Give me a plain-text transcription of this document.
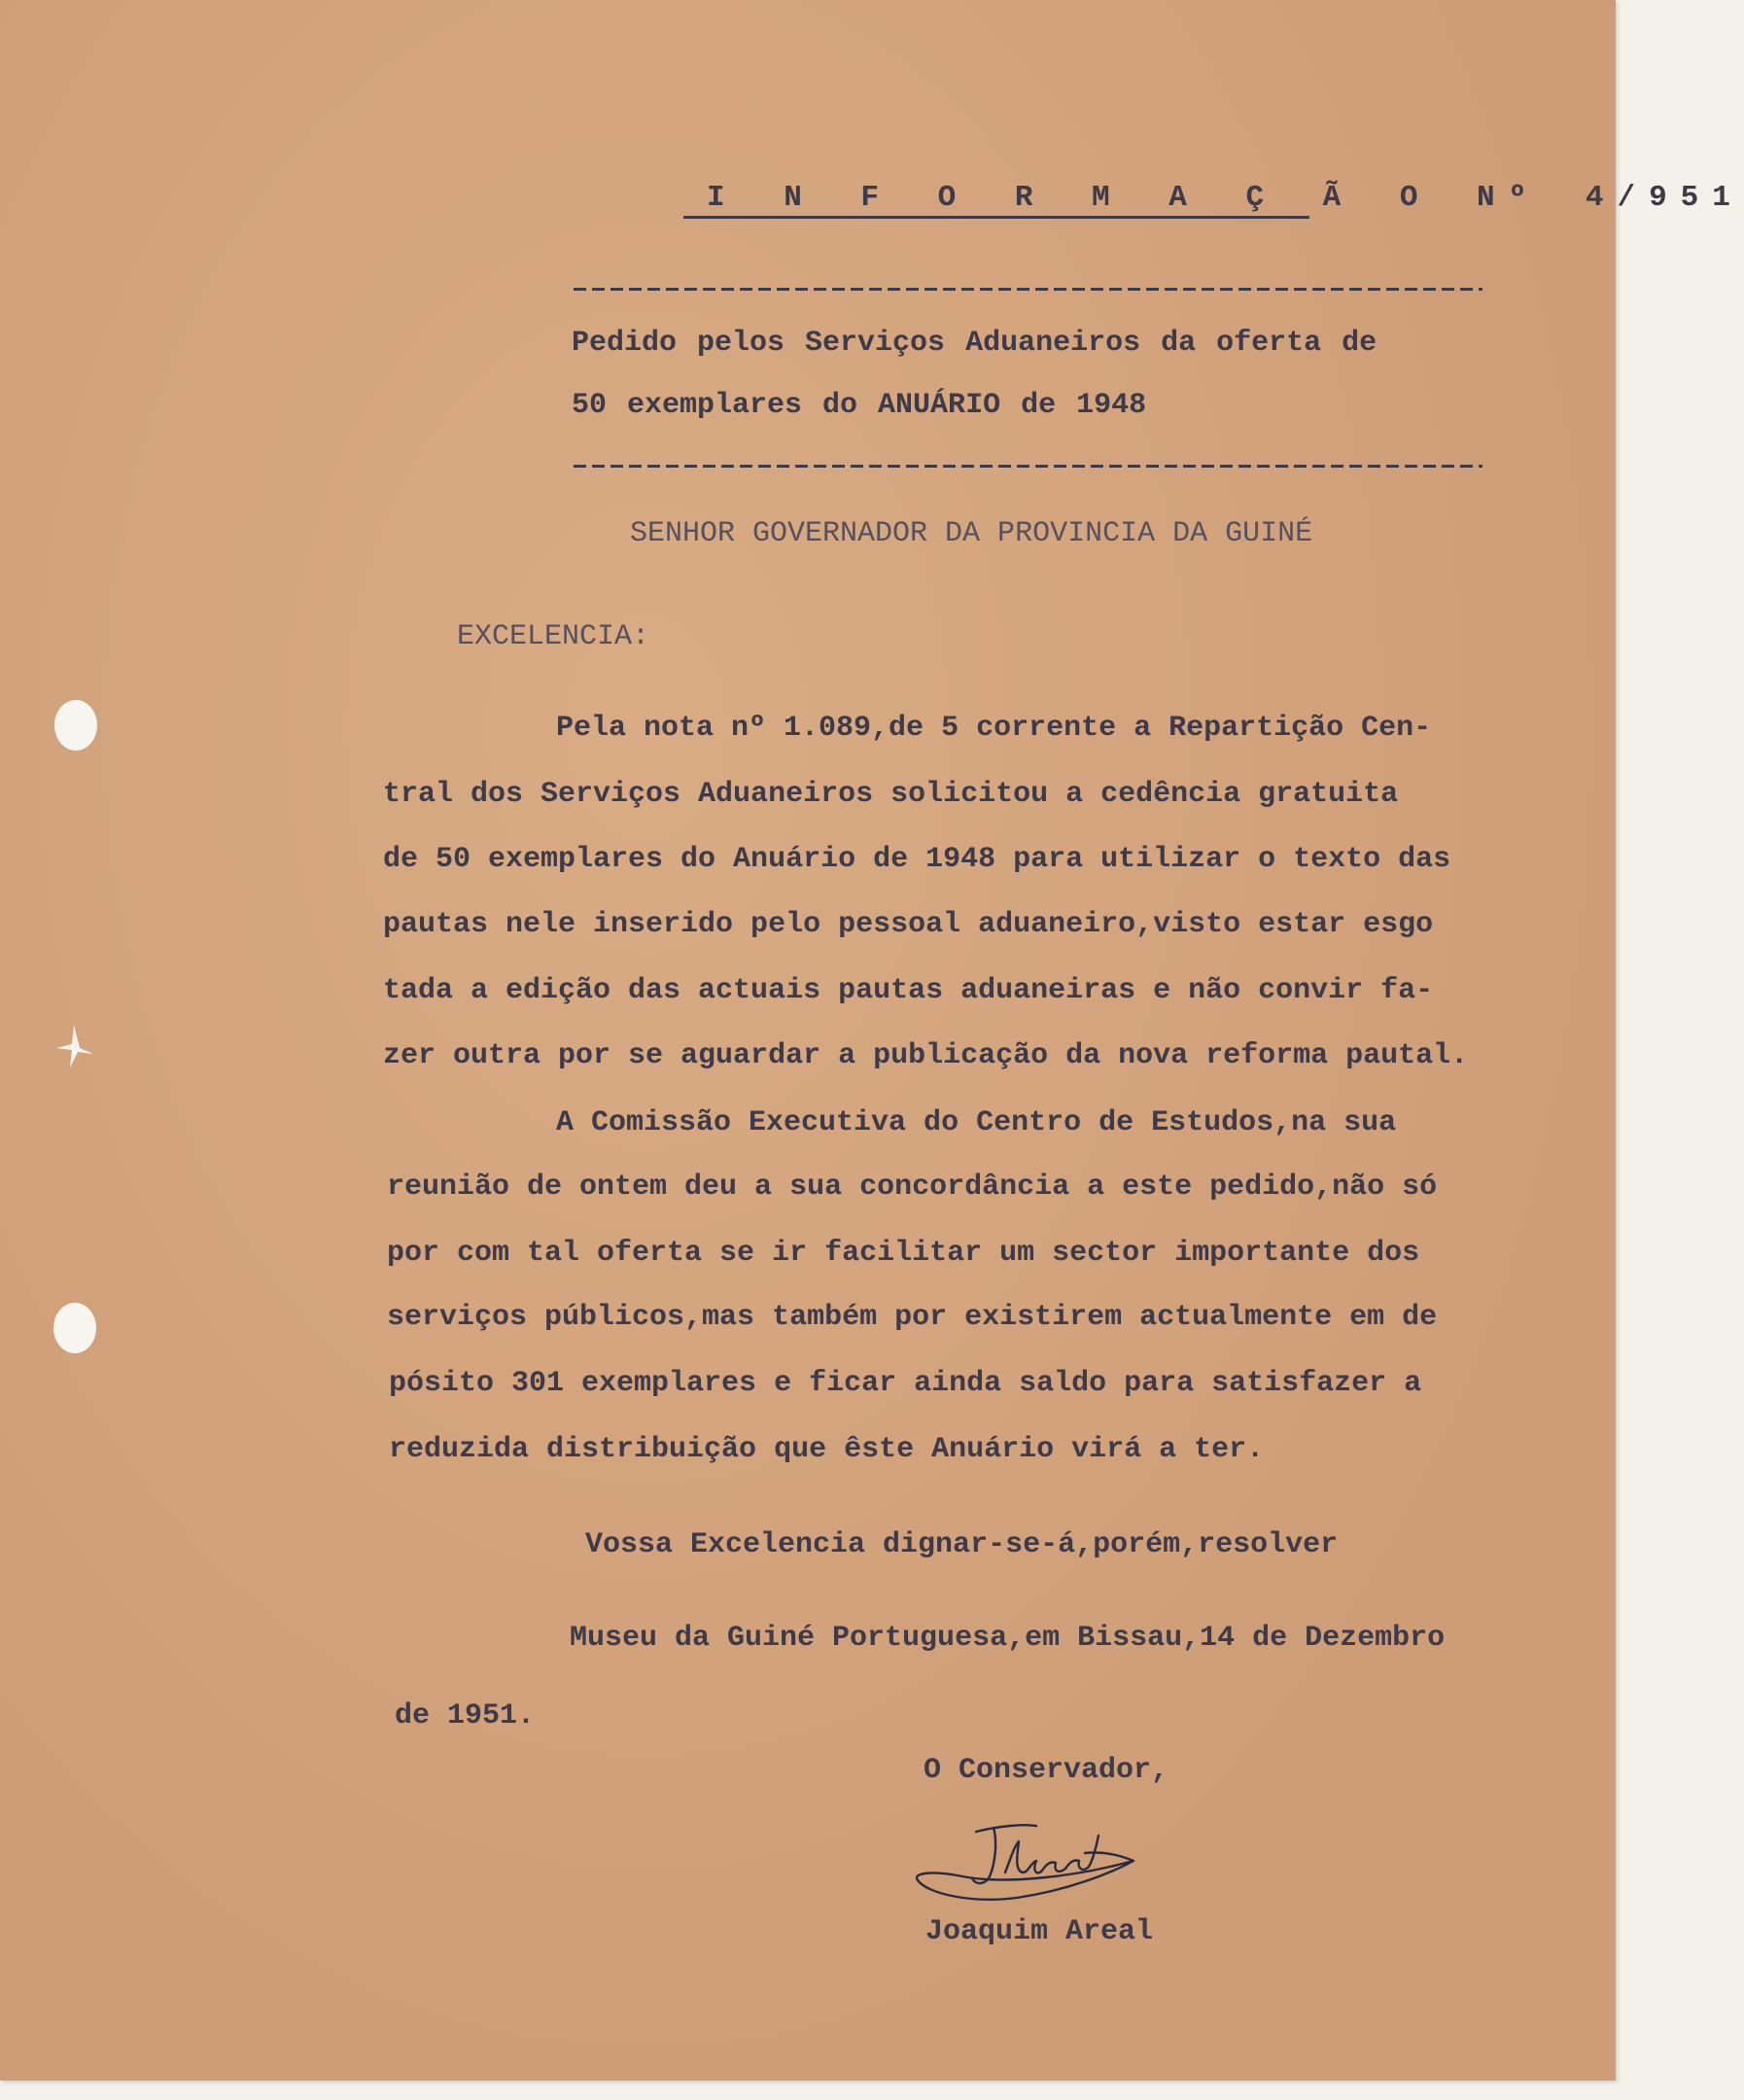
I N F O R M A Ç Ã O Nº 4/951

Pedido pelos Serviços Aduaneiros da oferta de

50 exemplares do ANUÁRIO de 1948

SENHOR GOVERNADOR DA PROVINCIA DA GUINÉ

EXCELENCIA:

Pela nota nº 1.089,de 5 corrente a Repartição Cen-

tral dos Serviços Aduaneiros solicitou a cedência gratuita

de 50 exemplares do Anuário de 1948 para utilizar o texto das

pautas nele inserido pelo pessoal aduaneiro,visto estar esgo

tada a edição das actuais pautas aduaneiras e não convir fa-

zer outra por se aguardar a publicação da nova reforma pautal.

A Comissão Executiva do Centro de Estudos,na sua

reunião de ontem deu a sua concordância a este pedido,não só

por com tal oferta se ir facilitar um sector importante dos

serviços públicos,mas também por existirem actualmente em de

pósito 301 exemplares e ficar ainda saldo para satisfazer a

reduzida distribuição que êste Anuário virá a ter.

Vossa Excelencia dignar-se-á,porém,resolver

Museu da Guiné Portuguesa,em Bissau,14 de Dezembro

de 1951.

O Conservador,

Joaquim Areal
